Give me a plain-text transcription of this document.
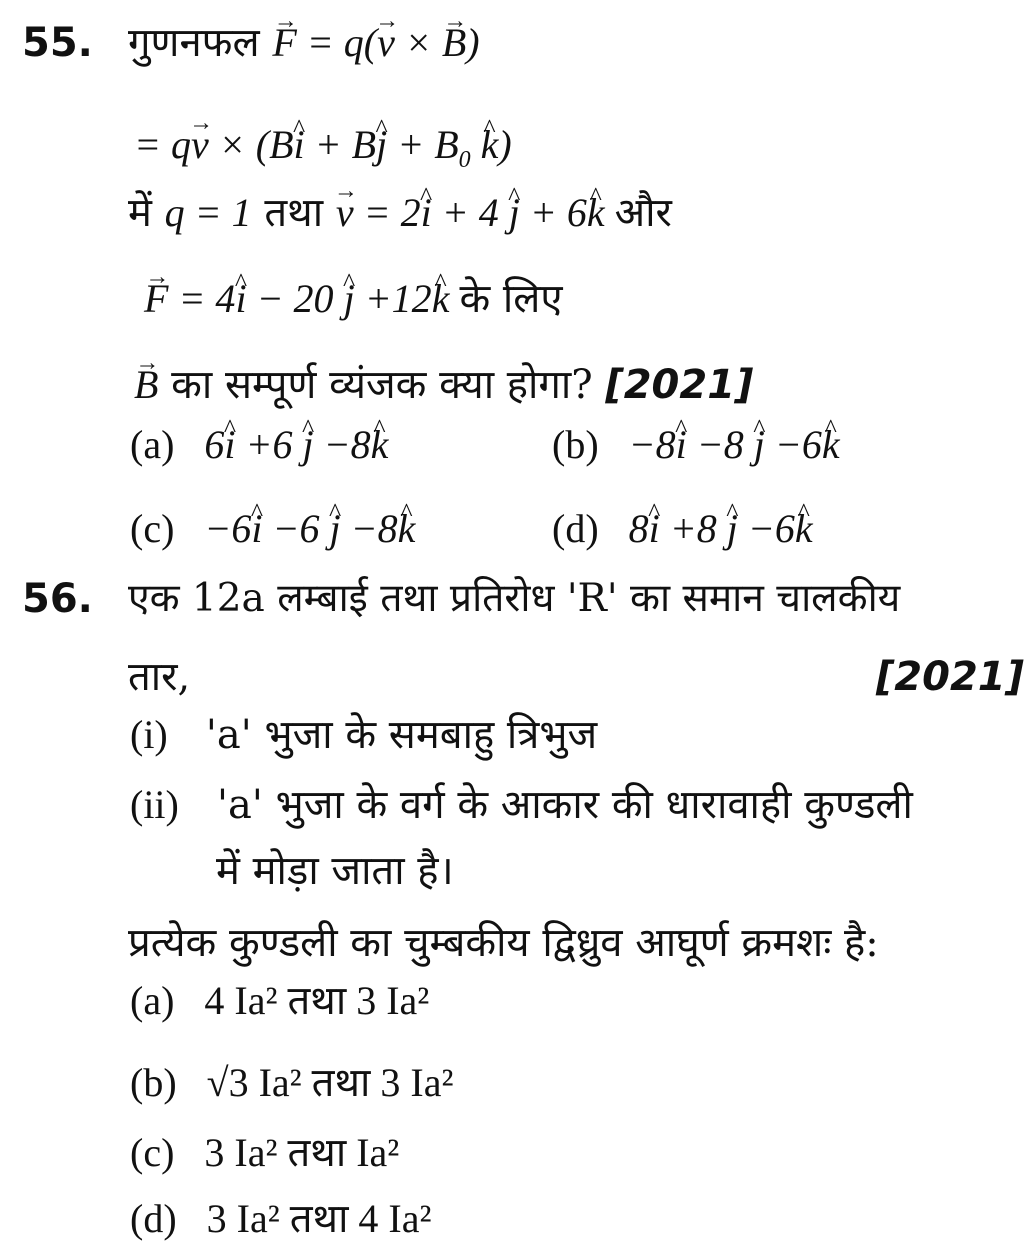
55. गुणनफल → F = q(→ v × → B)
= q→ v × (B^ i + B^ $j + B_0$ ^ k)
में q = 1 तथा → v = 2^ i + 4 ^ j + 6^ k और
→ F = 4^ i − 20 ^ j +12^ k के लिए
→ B का सम्पूर्ण व्यंजक क्या होगा? [2021]
(a) 6^ i +6 ^ j −8^ k	(b) −8^ i −8 ^ j −6^ k
(c) −6^ i −6 ^ j −8^ k	(d) 8^ i +8 ^ j −6^ k
56. एक 12a लम्बाई तथा प्रतिरोध 'R' का समान चालकीय
तार,	[2021]
(i) 'a' भुजा के समबाहु त्रिभुज
(ii) 'a' भुजा के वर्ग के आकार की धारावाही कुण्डली
में मोड़ा जाता है।
प्रत्येक कुण्डली का चुम्बकीय द्विध्रुव आघूर्ण क्रमशः है:
(a) 4 Ia² तथा 3 Ia²
(b) √3 Ia² तथा 3 Ia²
(c) 3 Ia² तथा Ia²
(d) 3 Ia² तथा 4 Ia²
